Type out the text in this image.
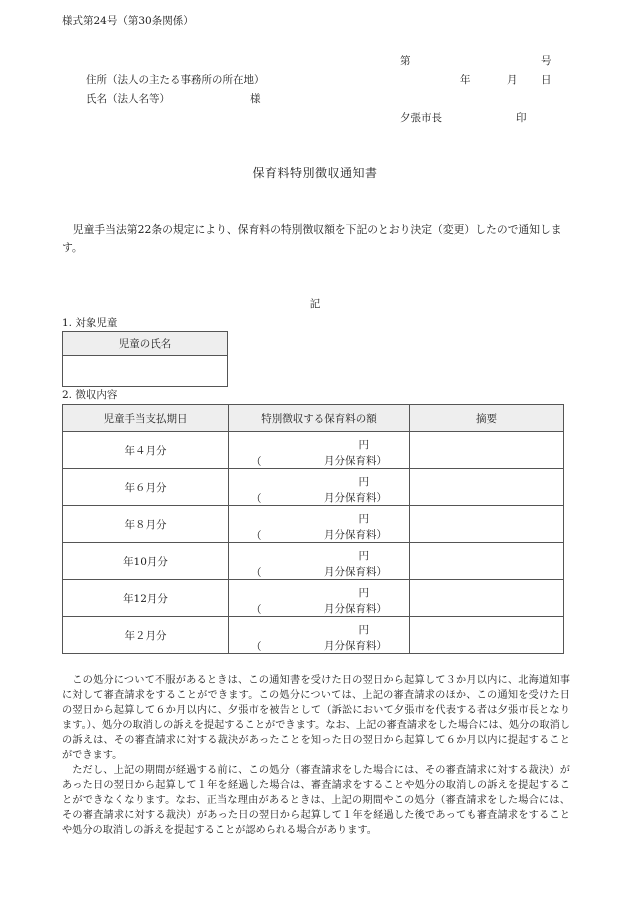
様式第24号（第30条関係）
第	号
住所（法人の主たる事務所の所在地）	年	月 日
氏名（法人名等）	様
夕張市長	印
保育料特別徴収通知書
　児童手当法第22条の規定により、保育料の特別徴収額を下記のとおり決定（変更）したので通知します。
記
1. 対象児童
児童の氏名

2. 徴収内容
児童手当支払期日	特別徴収する保育料の額	摘要
年４月分	円
（ 月分保育料）	

年６月分	円
（ 月分保育料）	

年８月分	円
（ 月分保育料）	

年10月分	円
（ 月分保育料）	

年12月分	円
（ 月分保育料）	

年２月分	円
（ 月分保育料）	

この処分について不服があるときは、この通知書を受けた日の翌日から起算して３か月以内に、北海道知事に対して審査請求をすることができます。この処分については、上記の審査請求のほか、この通知を受けた日の翌日から起算して６か月以内に、夕張市を被告として（訴訟において夕張市を代表する者は夕張市長となります。）、処分の取消しの訴えを提起することができます。なお、上記の審査請求をした場合には、処分の取消しの訴えは、その審査請求に対する裁決があったことを知った日の翌日から起算して６か月以内に提起することができます。

ただし、上記の期間が経過する前に、この処分（審査請求をした場合には、その審査請求に対する裁決）があった日の翌日から起算して１年を経過した場合は、審査請求をすることや処分の取消しの訴えを提起することができなくなります。なお、正当な理由があるときは、上記の期間やこの処分（審査請求をした場合には、その審査請求に対する裁決）があった日の翌日から起算して１年を経過した後であっても審査請求をすることや処分の取消しの訴えを提起することが認められる場合があります。
